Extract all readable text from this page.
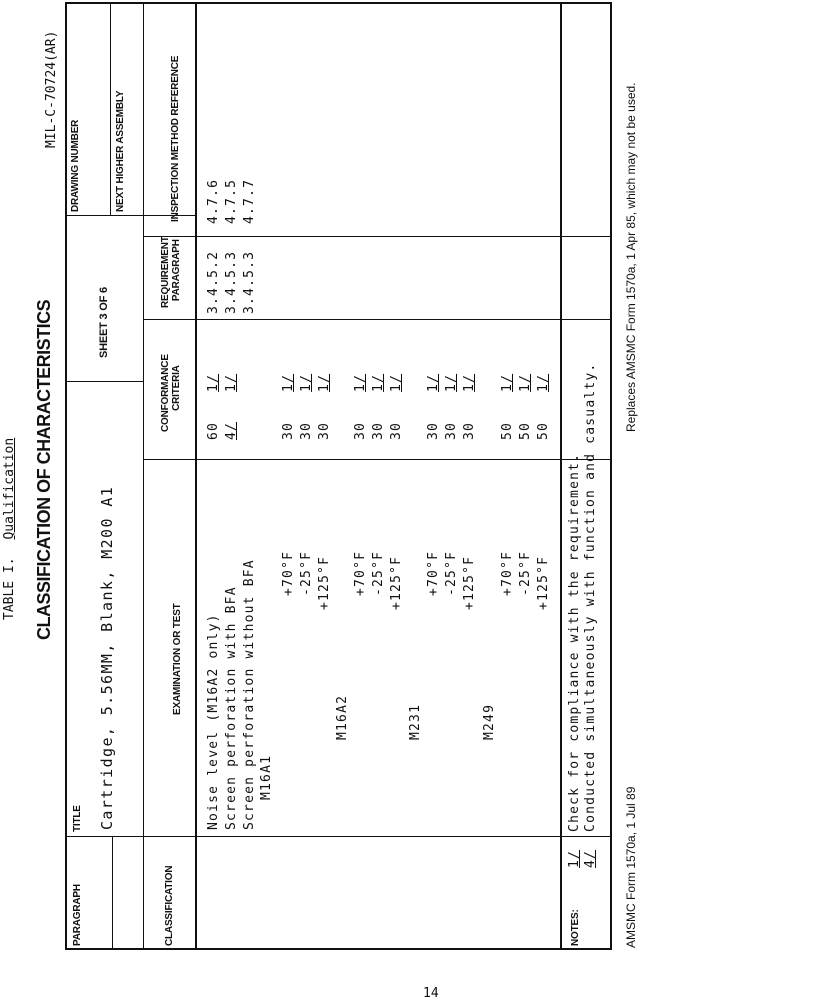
TABLE I. Qualification CLASSIFICATION OF CHARACTERISTICS
MIL-C-70724(AR)
PARAGRAPH
TITLE Cartridge, 5.56MM, Blank, M200 A1
SHEET 3 OF 6
DRAWING NUMBER	NEXT HIGHER ASSEMBLY
CLASSIFICATION
EXAMINATION OR TEST
CONFORMANCE CRITERIA
REQUIREMENT PARAGRAPH
INSPECTION METHOD REFERENCE
Noise level (M16A2 only) Screen perforation with BFA Screen perforation without BFA
601/
4/1/
3.4.5.2 3.4.5.3 3.4.5.3
4.7.6 4.7.5 4.7.7
M16A1
+70°F -25°F +125°F
301/
301/
301/
M16A2
+70°F -25°F +125°F
301/
301/
301/
M231
+70°F -25°F +125°F
301/
301/
301/
M249
+70°F -25°F +125°F
501/
501/
501/
NOTES:
1/Check for compliance with the requirement.
4/Conducted simultaneously with function and casualty.
AMSMC Form 1570a, 1 Jul 89
Replaces AMSMC Form 1570a, 1 Apr 85, which may not be used.
14
